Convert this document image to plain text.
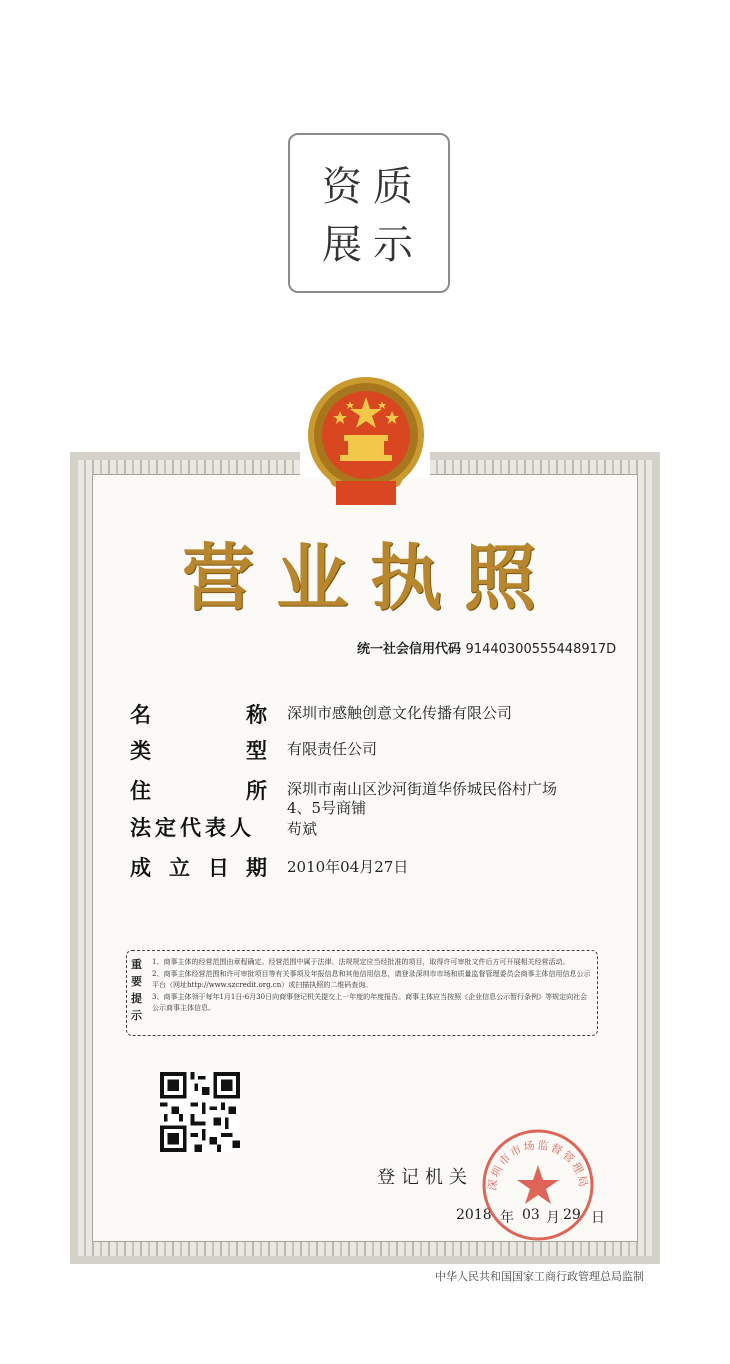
资 质
展 示
营业执照
统一社会信用代码 91440300555448917D
名	称 深圳市感触创意文化传播有限公司
类	型 有限责任公司
住	所 深圳市南山区沙河街道华侨城民俗村广场
4、5号商铺
法定代表人 苟斌
成 立 日 期 2010年04月27日
重要提示

1、商事主体的经营范围由章程确定。经营范围中属于法律、法规规定应当经批准的项目，取得许可审批文件后方可开展相关经营活动。

2、商事主体经营范围和许可审批项目等有关事项及年报信息和其他信用信息，请登录深圳市市场和质量监督管理委员会商事主体信用信息公示平台（网址http://www.szcredit.org.cn）或扫描执照的二维码查询。

3、商事主体领于每年1月1日-6月30日向商事登记机关提交上一年度的年度报告。商事主体应当按照《企业信息公示暂行条例》等规定向社会公示商事主体信息。

登记机关
2018 年 03 月 29 日
深圳市市场监督管理局
中华人民共和国国家工商行政管理总局监制
